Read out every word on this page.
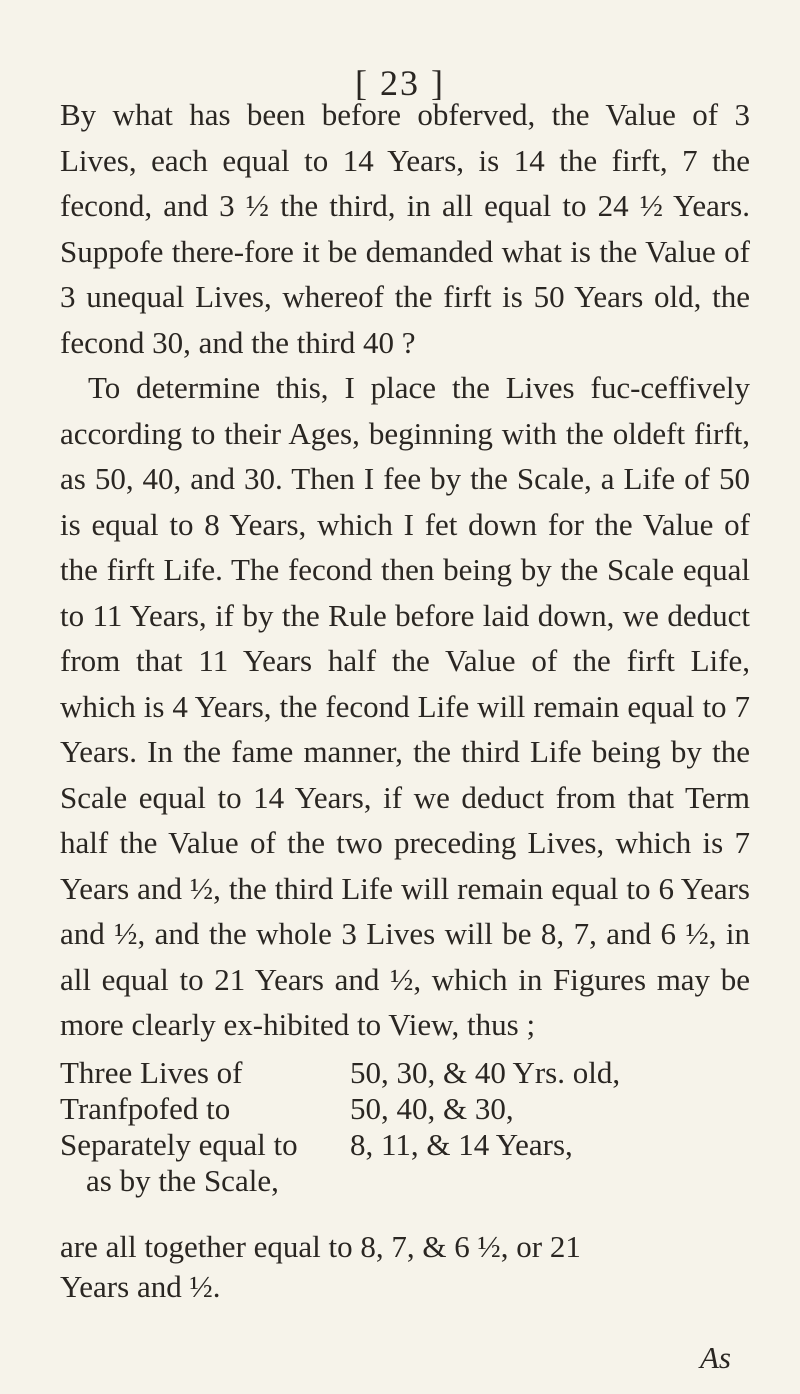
[ 23 ]

By what has been before obferved, the Value of 3 Lives, each equal to 14 Years, is 14 the firft, 7 the fecond, and 3 ½ the third, in all equal to 24 ½ Years. Suppofe there-fore it be demanded what is the Value of 3 unequal Lives, whereof the firft is 50 Years old, the fecond 30, and the third 40 ?

To determine this, I place the Lives fuc-ceffively according to their Ages, beginning with the oldeft firft, as 50, 40, and 30. Then I fee by the Scale, a Life of 50 is equal to 8 Years, which I fet down for the Value of the firft Life. The fecond then being by the Scale equal to 11 Years, if by the Rule before laid down, we deduct from that 11 Years half the Value of the firft Life, which is 4 Years, the fecond Life will remain equal to 7 Years. In the fame manner, the third Life being by the Scale equal to 14 Years, if we deduct from that Term half the Value of the two preceding Lives, which is 7 Years and ½, the third Life will remain equal to 6 Years and ½, and the whole 3 Lives will be 8, 7, and 6 ½, in all equal to 21 Years and ½, which in Figures may be more clearly ex-hibited to View, thus ;

Three Lives of	50, 30, & 40 Yrs. old,
Tranfpofed to	50, 40, & 30,
Separately equal to	8, 11, & 14 Years,
as by the Scale,
are all together equal to 8, 7, & 6 ½, or 21
Years and ½.
As
